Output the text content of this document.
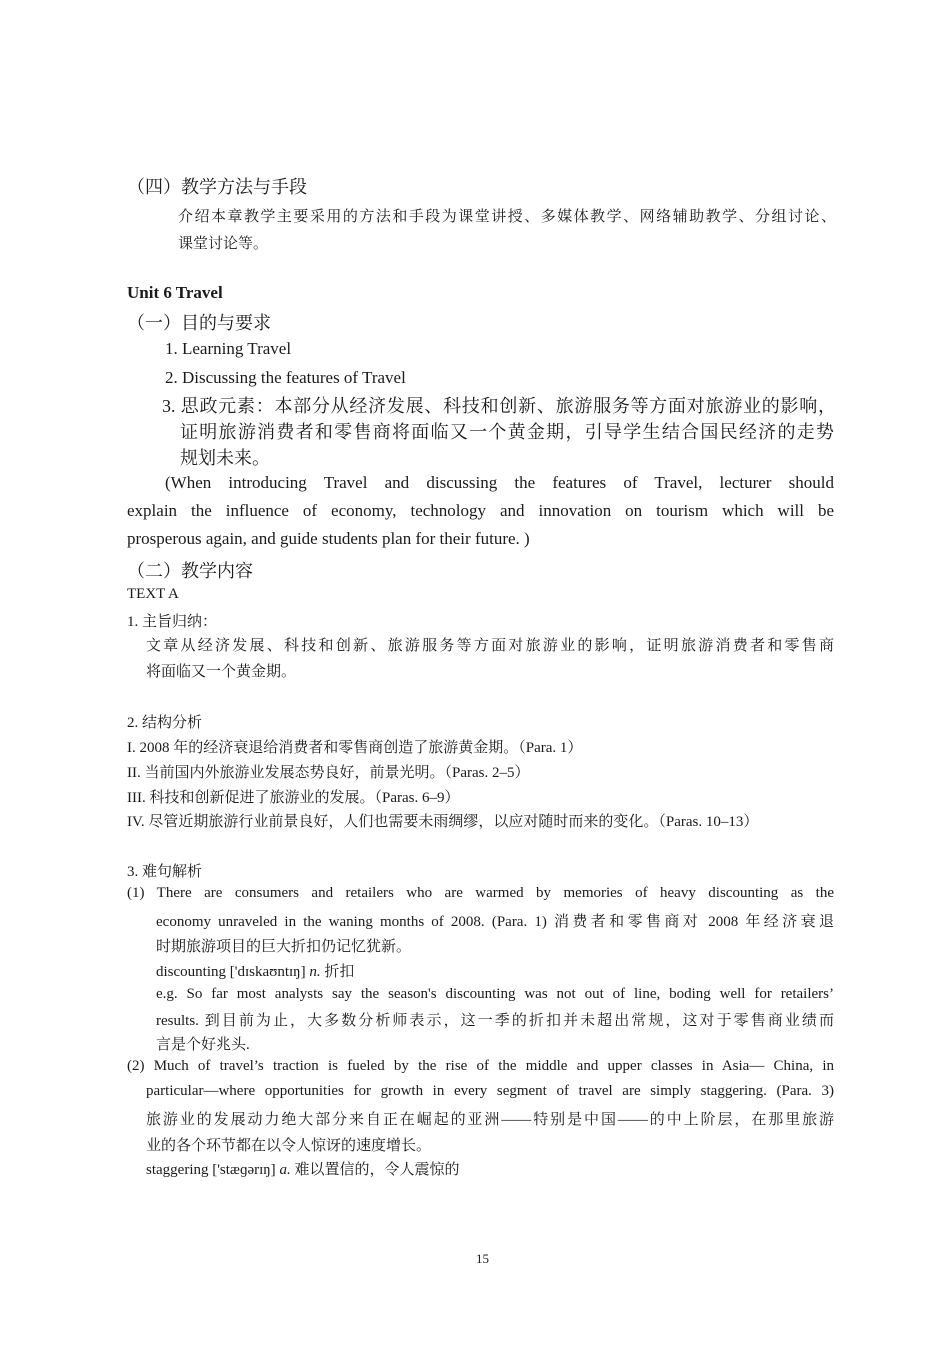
（四）教学方法与手段
介绍本章教学主要采用的方法和手段为课堂讲授、多媒体教学、网络辅助教学、分组讨论、
课堂讨论等。
Unit 6 Travel
（一）目的与要求
1. Learning Travel
2. Discussing the features of Travel
3. 思政元素：本部分从经济发展、科技和创新、旅游服务等方面对旅游业的影响，
证明旅游消费者和零售商将面临又一个黄金期，引导学生结合国民经济的走势
规划未来。
(When introducing Travel and discussing the features of Travel, lecturer should
explain the influence of economy, technology and innovation on tourism which will be
prosperous again, and guide students plan for their future. )
（二）教学内容
TEXT A
1. 主旨归纳：
文章从经济发展、科技和创新、旅游服务等方面对旅游业的影响，证明旅游消费者和零售商
将面临又一个黄金期。
2. 结构分析
I. 2008 年的经济衰退给消费者和零售商创造了旅游黄金期。（Para. 1）
II. 当前国内外旅游业发展态势良好，前景光明。（Paras. 2–5）
III. 科技和创新促进了旅游业的发展。（Paras. 6–9）
IV. 尽管近期旅游行业前景良好，人们也需要未雨绸缪，以应对随时而来的变化。（Paras. 10–13）
3. 难句解析
(1) There are consumers and retailers who are warmed by memories of heavy discounting as the
economy unraveled in the waning months of 2008. (Para. 1) 消费者和零售商对 2008 年经济衰退
时期旅游项目的巨大折扣仍记忆犹新。
discounting ['dɪskaʊntɪŋ] n. 折扣
e.g. So far most analysts say the season's discounting was not out of line, boding well for retailers’
results. 到目前为止，大多数分析师表示，这一季的折扣并未超出常规，这对于零售商业绩而
言是个好兆头.
(2) Much of travel’s traction is fueled by the rise of the middle and upper classes in Asia— China, in
particular—where opportunities for growth in every segment of travel are simply staggering. (Para. 3)
旅游业的发展动力绝大部分来自正在崛起的亚洲——特别是中国——的中上阶层，在那里旅游
业的各个环节都在以令人惊讶的速度增长。
staggering ['stæɡərɪŋ] a. 难以置信的，令人震惊的
15
